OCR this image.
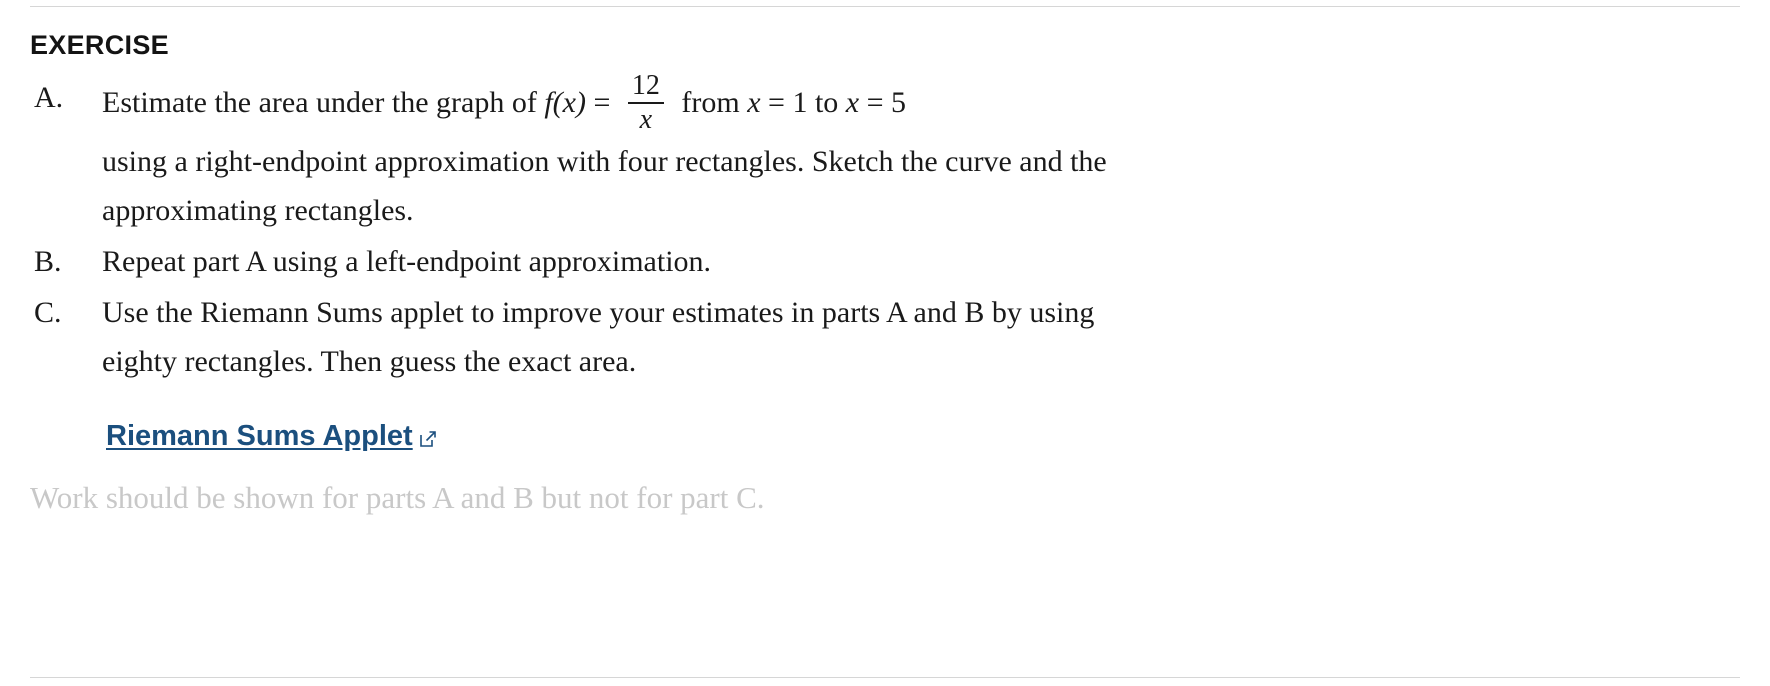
EXERCISE
A.	Estimate the area under the graph of $f(x) = \frac{12}{x}$ from x = 1 to x = 5
using a right-endpoint approximation with four rectangles. Sketch the curve and the approximating rectangles.
B.	Repeat part A using a left-endpoint approximation.
C.	Use the Riemann Sums applet to improve your estimates in parts A and B by using eighty rectangles. Then guess the exact area.
Riemann Sums Applet
Work should be shown for parts A and B but not for part C.
